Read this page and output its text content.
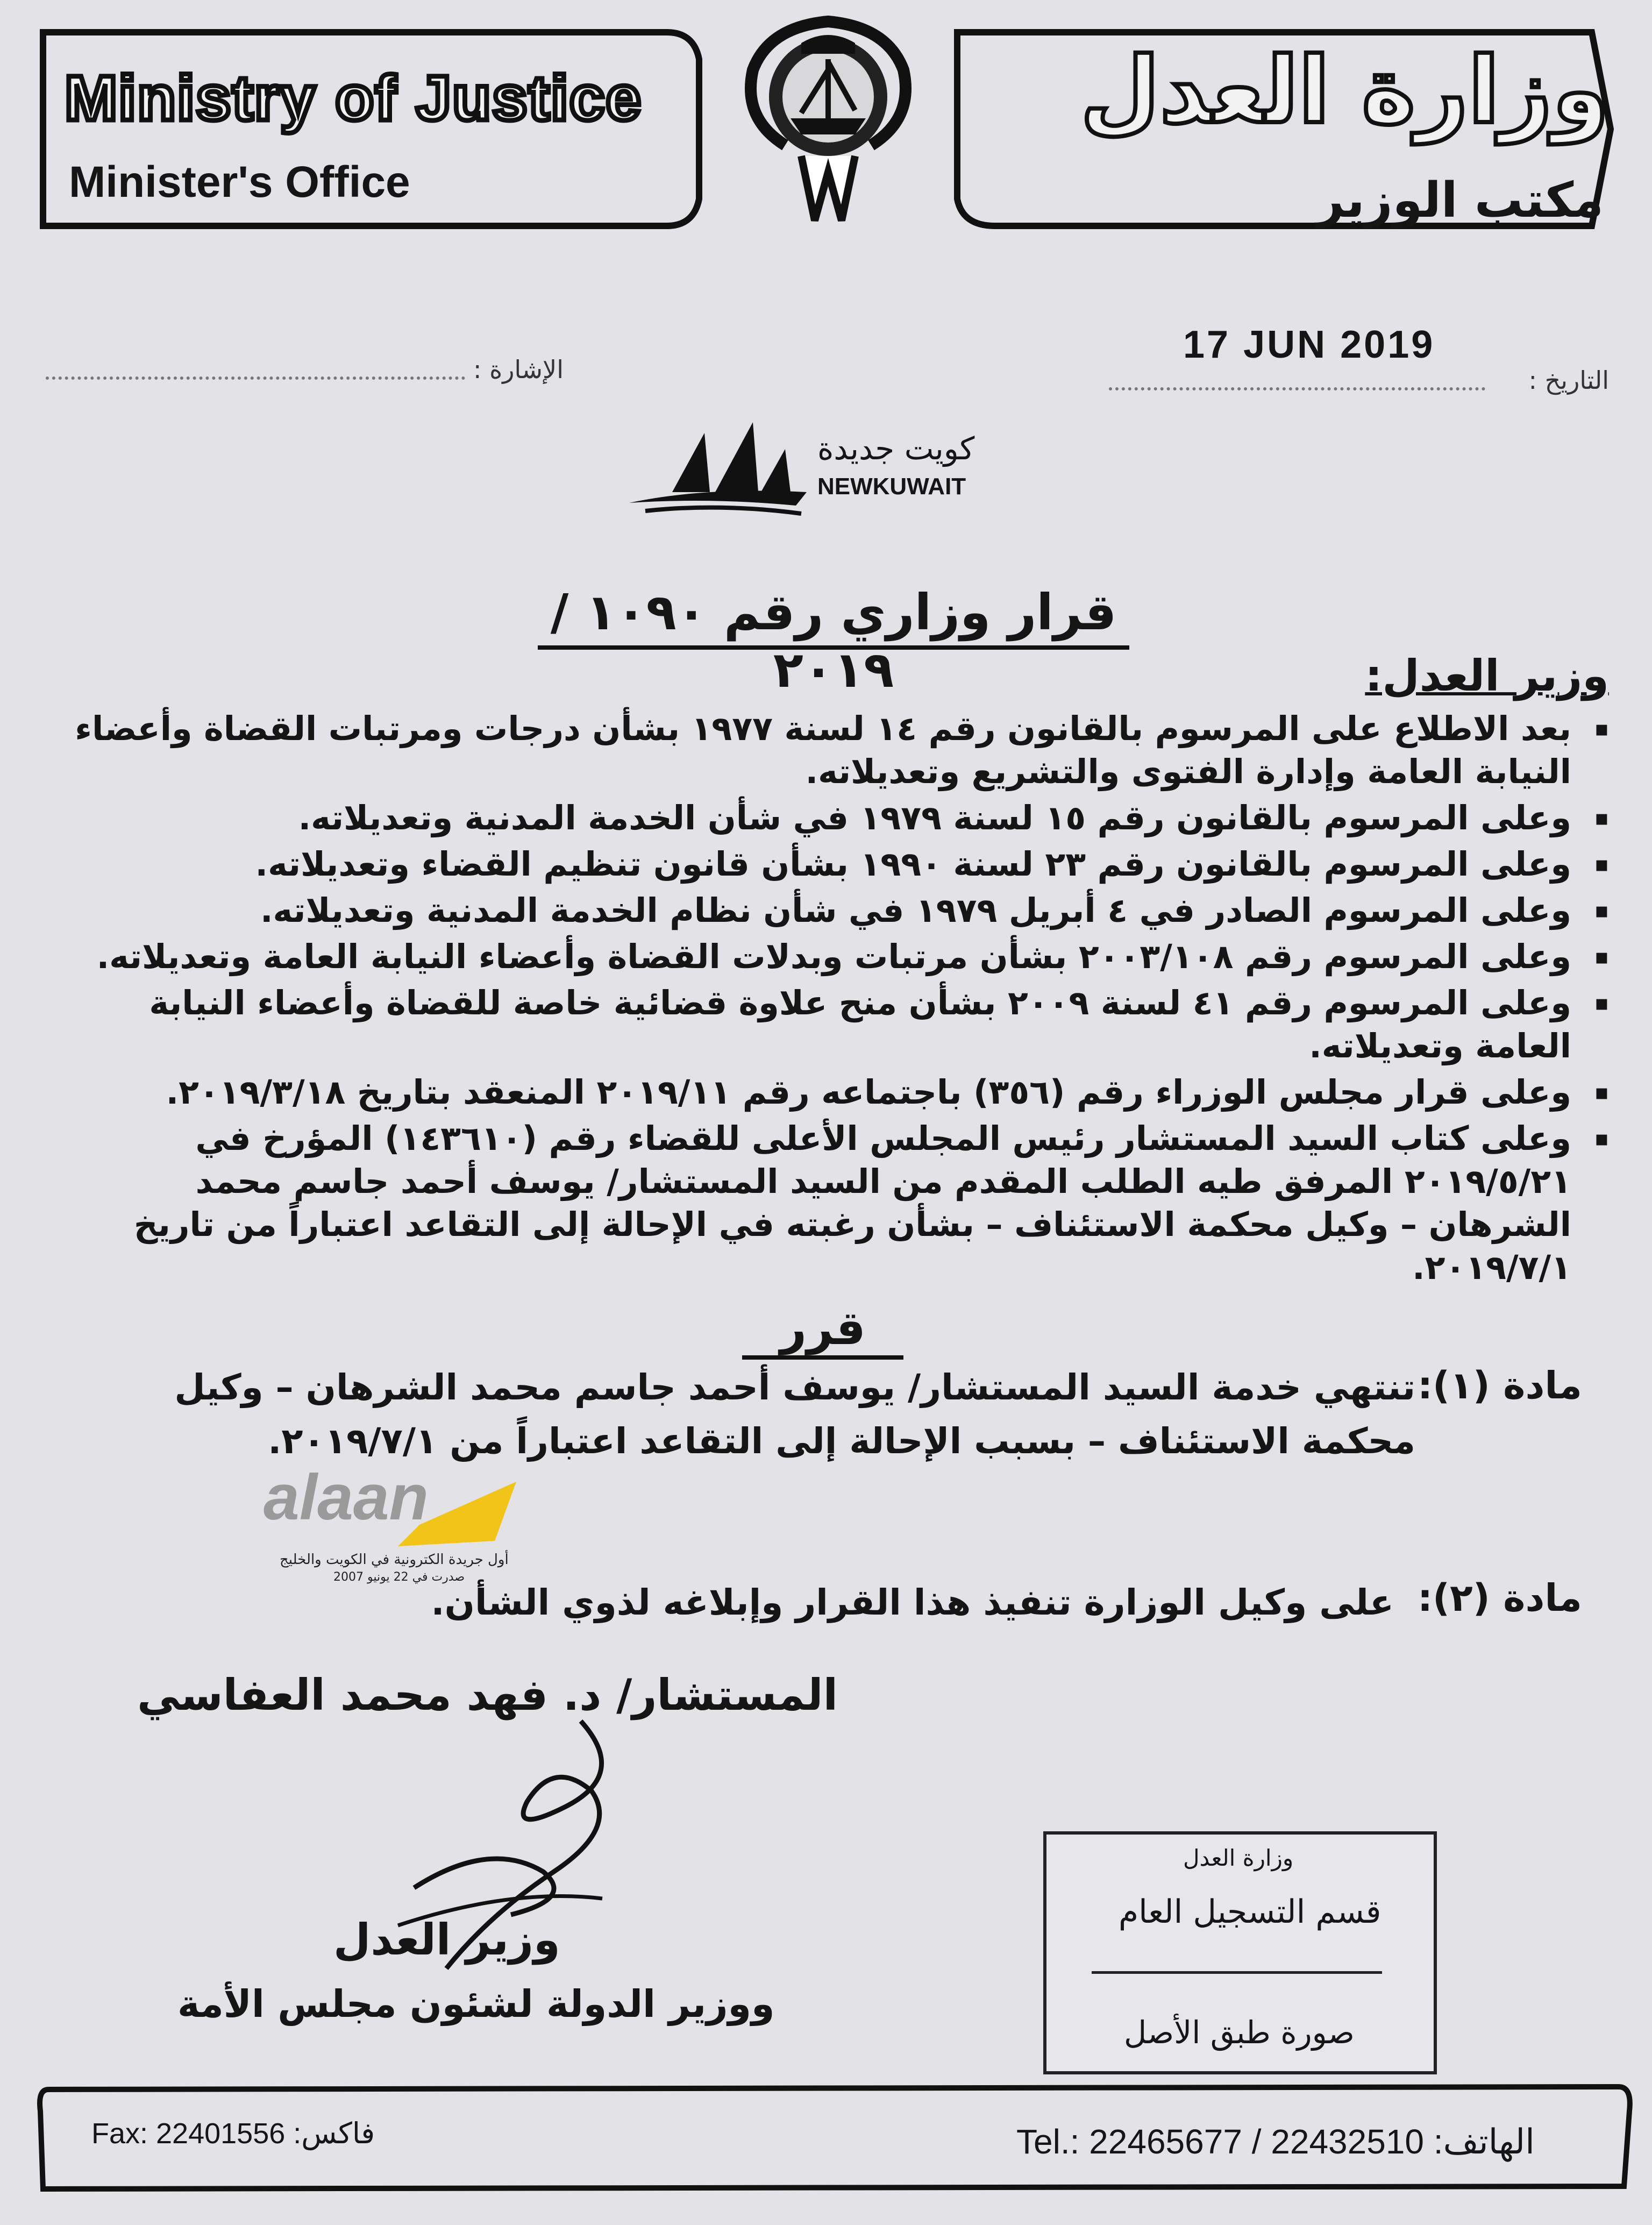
Ministry of Justice
Minister's Office
وزارة العدل
مكتب الوزير
التاريخ :
17 JUN 2019
الإشارة :
كويت جديدة
NEWKUWAIT
قرار وزاري رقم ١٠٩٠ / ٢٠١٩	وزير العدل:
▪ بعد الاطلاع على المرسوم بالقانون رقم ١٤ لسنة ١٩٧٧ بشأن درجات ومرتبات القضاة وأعضاء النيابة العامة وإدارة الفتوى والتشريع وتعديلاته.
▪ وعلى المرسوم بالقانون رقم ١٥ لسنة ١٩٧٩ في شأن الخدمة المدنية وتعديلاته.
▪ وعلى المرسوم بالقانون رقم ٢٣ لسنة ١٩٩٠ بشأن قانون تنظيم القضاء وتعديلاته.
▪ وعلى المرسوم الصادر في ٤ أبريل ١٩٧٩ في شأن نظام الخدمة المدنية وتعديلاته.
▪ وعلى المرسوم رقم ٢٠٠٣/١٠٨ بشأن مرتبات وبدلات القضاة وأعضاء النيابة العامة وتعديلاته.
▪ وعلى المرسوم رقم ٤١ لسنة ٢٠٠٩ بشأن منح علاوة قضائية خاصة للقضاة وأعضاء النيابة العامة وتعديلاته.
▪ وعلى قرار مجلس الوزراء رقم (٣٥٦) باجتماعه رقم ٢٠١٩/١١ المنعقد بتاريخ ٢٠١٩/٣/١٨.
▪ وعلى كتاب السيد المستشار رئيس المجلس الأعلى للقضاء رقم (١٤٣٦١٠) المؤرخ في ٢٠١٩/٥/٢١ المرفق طيه الطلب المقدم من السيد المستشار/ يوسف أحمد جاسم محمد الشرهان – وكيل محكمة الاستئناف – بشأن رغبته في الإحالة إلى التقاعد اعتباراً من تاريخ ٢٠١٩/٧/١.
قرر
مادة (١):
تنتهي خدمة السيد المستشار/ يوسف أحمد جاسم محمد الشرهان – وكيل محكمة الاستئناف – بسبب الإحالة إلى التقاعد اعتباراً من ٢٠١٩/٧/١.
مادة (٢):
على وكيل الوزارة تنفيذ هذا القرار وإبلاغه لذوي الشأن.
alaan
أول جريدة الكترونية في الكويت والخليج
صدرت في 22 يونيو 2007
المستشار/ د. فهد محمد العفاسي
وزير العدل
ووزير الدولة لشئون مجلس الأمة
وزارة العدل
قسم التسجيل العام
صورة طبق الأصل
Fax: 22401556 :فاكس	Tel.: 22465677 / 22432510 :الهاتف
